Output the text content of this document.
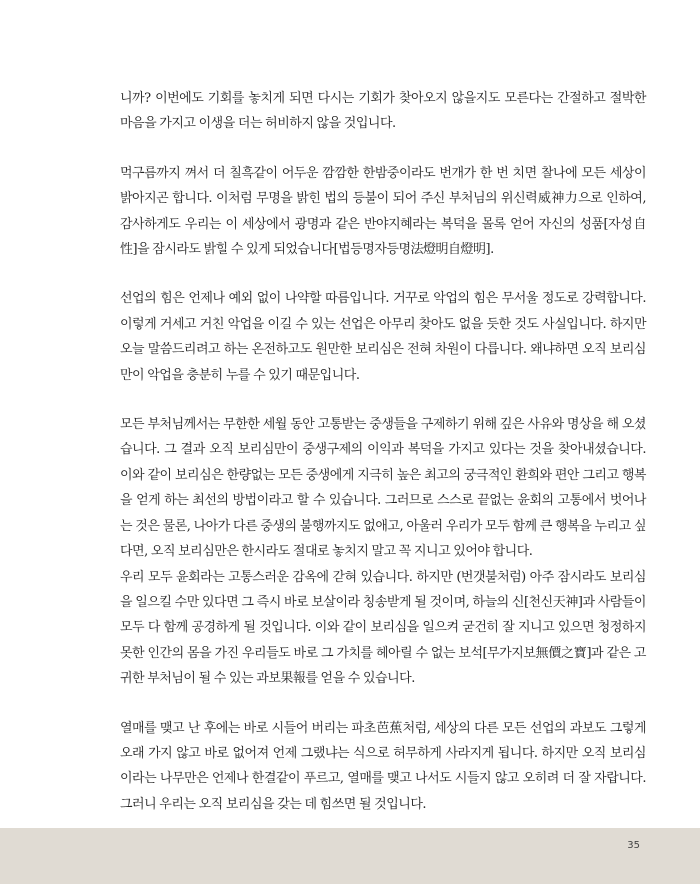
니까? 이번에도 기회를 놓치게 되면 다시는 기회가 찾아오지 않을지도 모른다는 간절하고 절박한 마음을 가지고 이생을 더는 허비하지 않을 것입니다.

먹구름까지 껴서 더 칠흑같이 어두운 깜깜한 한밤중이라도 번개가 한 번 치면 찰나에 모든 세상이 밝아지곤 합니다. 이처럼 무명을 밝힌 법의 등불이 되어 주신 부처님의 위신력威神力으로 인하여, 감사하게도 우리는 이 세상에서 광명과 같은 반야지혜라는 복덕을 몰록 얻어 자신의 성품[자성自性]을 잠시라도 밝힐 수 있게 되었습니다[법등명자등명法燈明自燈明].

선업의 힘은 언제나 예외 없이 나약할 따름입니다. 거꾸로 악업의 힘은 무서울 정도로 강력합니다. 이렇게 거세고 거친 악업을 이길 수 있는 선업은 아무리 찾아도 없을 듯한 것도 사실입니다. 하지만 오늘 말씀드리려고 하는 온전하고도 원만한 보리심은 전혀 차원이 다릅니다. 왜냐하면 오직 보리심만이 악업을 충분히 누를 수 있기 때문입니다.

모든 부처님께서는 무한한 세월 동안 고통받는 중생들을 구제하기 위해 깊은 사유와 명상을 해 오셨습니다. 그 결과 오직 보리심만이 중생구제의 이익과 복덕을 가지고 있다는 것을 찾아내셨습니다. 이와 같이 보리심은 한량없는 모든 중생에게 지극히 높은 최고의 궁극적인 환희와 편안 그리고 행복을 얻게 하는 최선의 방법이라고 할 수 있습니다. 그러므로 스스로 끝없는 윤회의 고통에서 벗어나는 것은 물론, 나아가 다른 중생의 불행까지도 없애고, 아울러 우리가 모두 함께 큰 행복을 누리고 싶다면, 오직 보리심만은 한시라도 절대로 놓치지 말고 꼭 지니고 있어야 합니다.

우리 모두 윤회라는 고통스러운 감옥에 갇혀 있습니다. 하지만 (번갯불처럼) 아주 잠시라도 보리심을 일으킬 수만 있다면 그 즉시 바로 보살이라 칭송받게 될 것이며, 하늘의 신[천신天神]과 사람들이 모두 다 함께 공경하게 될 것입니다. 이와 같이 보리심을 일으켜 굳건히 잘 지니고 있으면 청정하지 못한 인간의 몸을 가진 우리들도 바로 그 가치를 헤아릴 수 없는 보석[무가지보無價之寶]과 같은 고귀한 부처님이 될 수 있는 과보果報를 얻을 수 있습니다.

열매를 맺고 난 후에는 바로 시들어 버리는 파초芭蕉처럼, 세상의 다른 모든 선업의 과보도 그렇게 오래 가지 않고 바로 없어져 언제 그랬냐는 식으로 허무하게 사라지게 됩니다. 하지만 오직 보리심이라는 나무만은 언제나 한결같이 푸르고, 열매를 맺고 나서도 시들지 않고 오히려 더 잘 자랍니다. 그러니 우리는 오직 보리심을 갖는 데 힘쓰면 될 것입니다.

35
